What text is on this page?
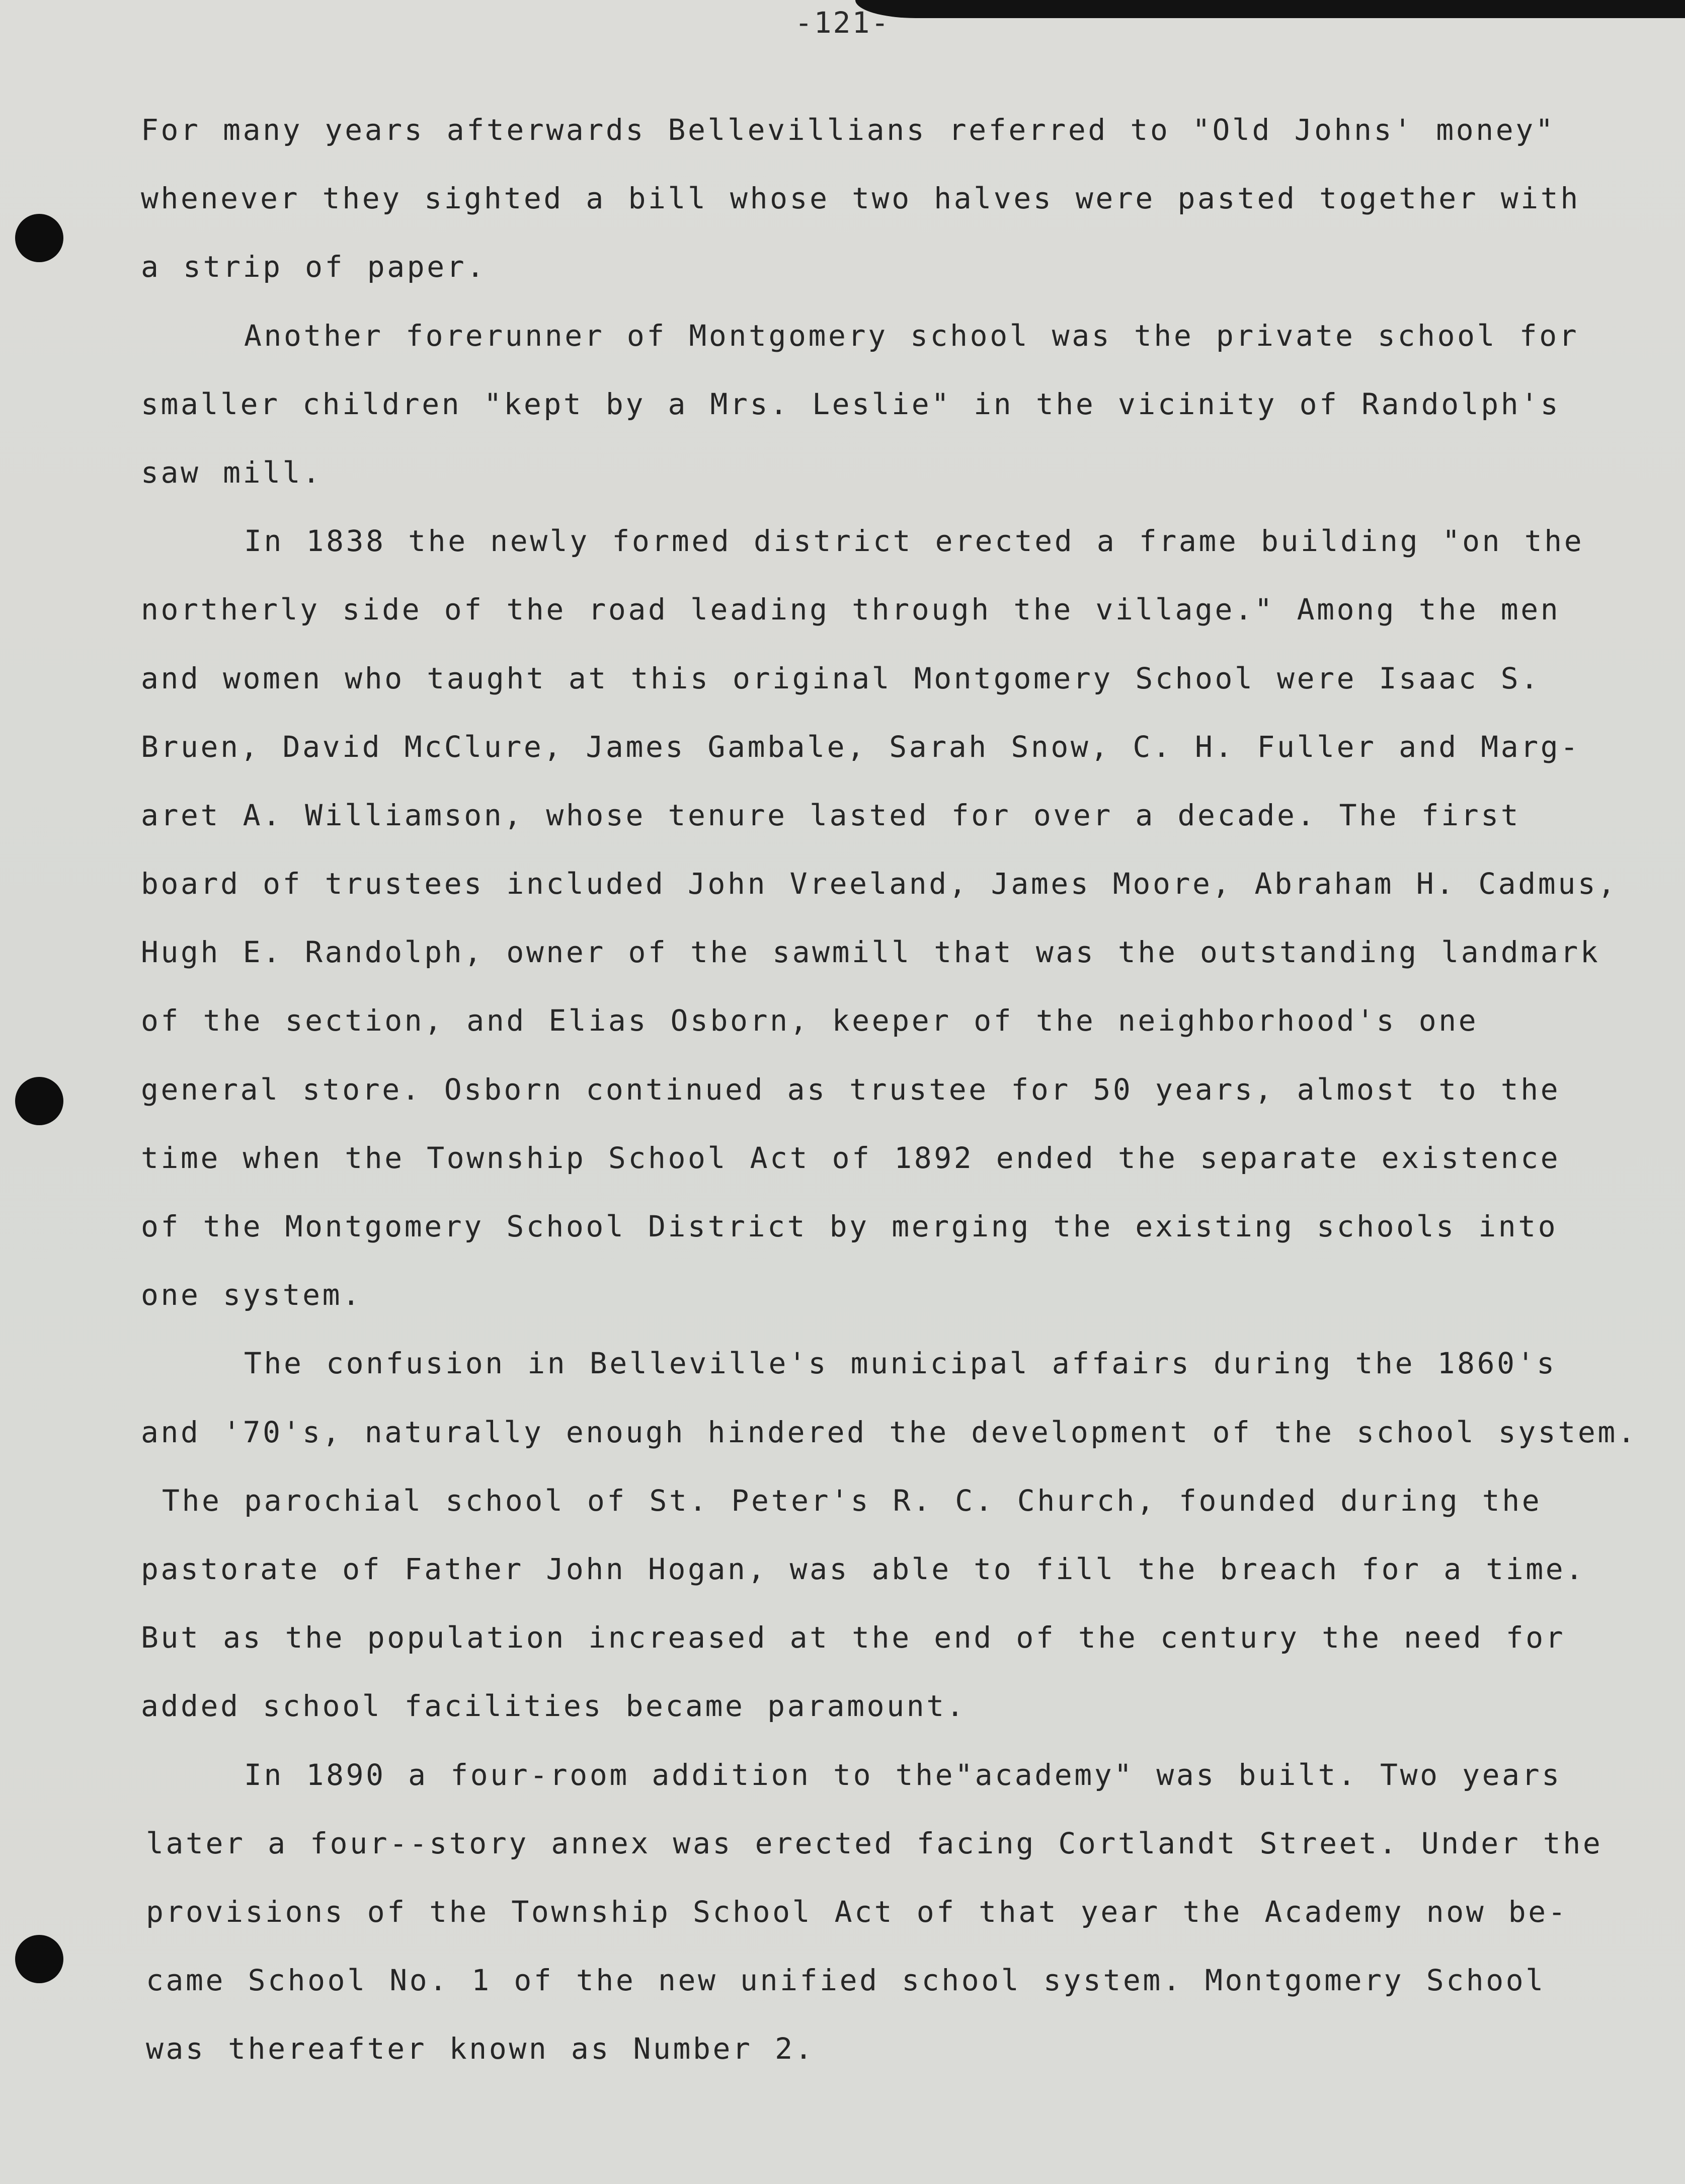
-121-
For many years afterwards Bellevillians referred to "Old Johns' money"
whenever they sighted a bill whose two halves were pasted together with
a strip of paper.
Another forerunner of Montgomery school was the private school for
smaller children "kept by a Mrs. Leslie" in the vicinity of Randolph's
saw mill.
In 1838 the newly formed district erected a frame building "on the
northerly side of the road leading through the village." Among the men
and women who taught at this original Montgomery School were Isaac S.
Bruen, David McClure, James Gambale, Sarah Snow, C. H. Fuller and Marg-
aret A. Williamson, whose tenure lasted for over a decade. The first
board of trustees included John Vreeland, James Moore, Abraham H. Cadmus,
Hugh E. Randolph, owner of the sawmill that was the outstanding landmark
of the section, and Elias Osborn, keeper of the neighborhood's one
general store. Osborn continued as trustee for 50 years, almost to the
time when the Township School Act of 1892 ended the separate existence
of the Montgomery School District by merging the existing schools into
one system.
The confusion in Belleville's municipal affairs during the 1860's
and '70's, naturally enough hindered the development of the school system.
The parochial school of St. Peter's R. C. Church, founded during the
pastorate of Father John Hogan, was able to fill the breach for a time.
But as the population increased at the end of the century the need for
added school facilities became paramount.
In 1890 a four-room addition to the"academy" was built. Two years
later a four--story annex was erected facing Cortlandt Street. Under the
provisions of the Township School Act of that year the Academy now be-
came School No. 1 of the new unified school system. Montgomery School
was thereafter known as Number 2.
